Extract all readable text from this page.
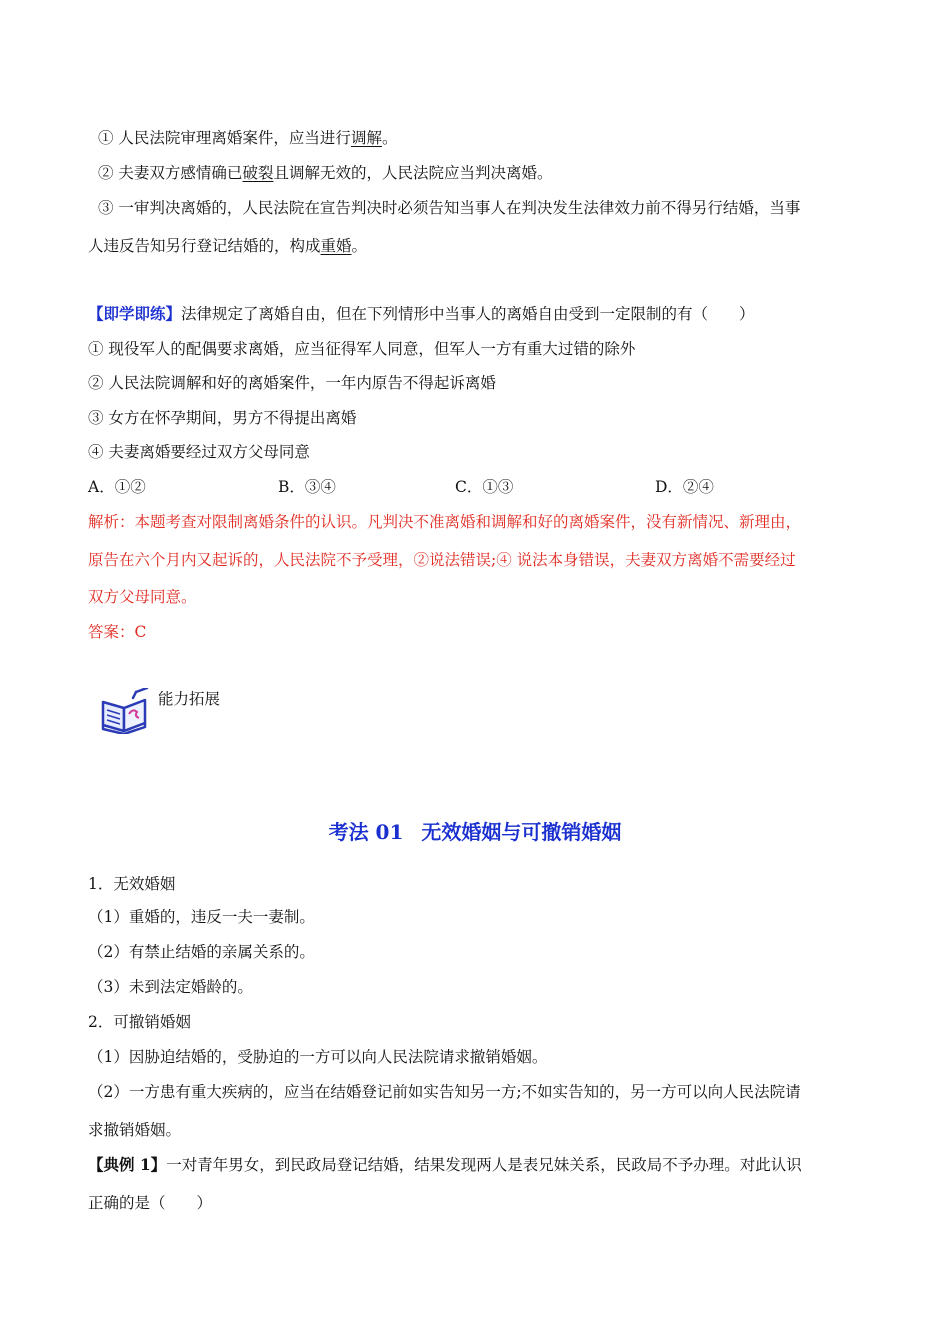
① 人民法院审理离婚案件，应当进行调解。
② 夫妻双方感情确已破裂且调解无效的，人民法院应当判决离婚。
③ 一审判决离婚的，人民法院在宣告判决时必须告知当事人在判决发生法律效力前不得另行结婚，当事
人违反告知另行登记结婚的，构成重婚。
【即学即练】法律规定了离婚自由，但在下列情形中当事人的离婚自由受到一定限制的有（　　）
① 现役军人的配偶要求离婚，应当征得军人同意，但军人一方有重大过错的除外
② 人民法院调解和好的离婚案件，一年内原告不得起诉离婚
③ 女方在怀孕期间，男方不得提出离婚
④ 夫妻离婚要经过双方父母同意
A．①②	B．③④	C．①③	D．②④
解析：本题考查对限制离婚条件的认识。凡判决不准离婚和调解和好的离婚案件，没有新情况、新理由，
原告在六个月内又起诉的，人民法院不予受理，②说法错误;④ 说法本身错误，夫妻双方离婚不需要经过
双方父母同意。
答案：C
能力拓展
考法 01 无效婚姻与可撤销婚姻
1．无效婚姻
（1）重婚的，违反一夫一妻制。
（2）有禁止结婚的亲属关系的。
（3）未到法定婚龄的。
2．可撤销婚姻
（1）因胁迫结婚的，受胁迫的一方可以向人民法院请求撤销婚姻。
（2）一方患有重大疾病的，应当在结婚登记前如实告知另一方;不如实告知的，另一方可以向人民法院请
求撤销婚姻。
【典例 1】一对青年男女，到民政局登记结婚，结果发现两人是表兄妹关系，民政局不予办理。对此认识
正确的是（　　）
